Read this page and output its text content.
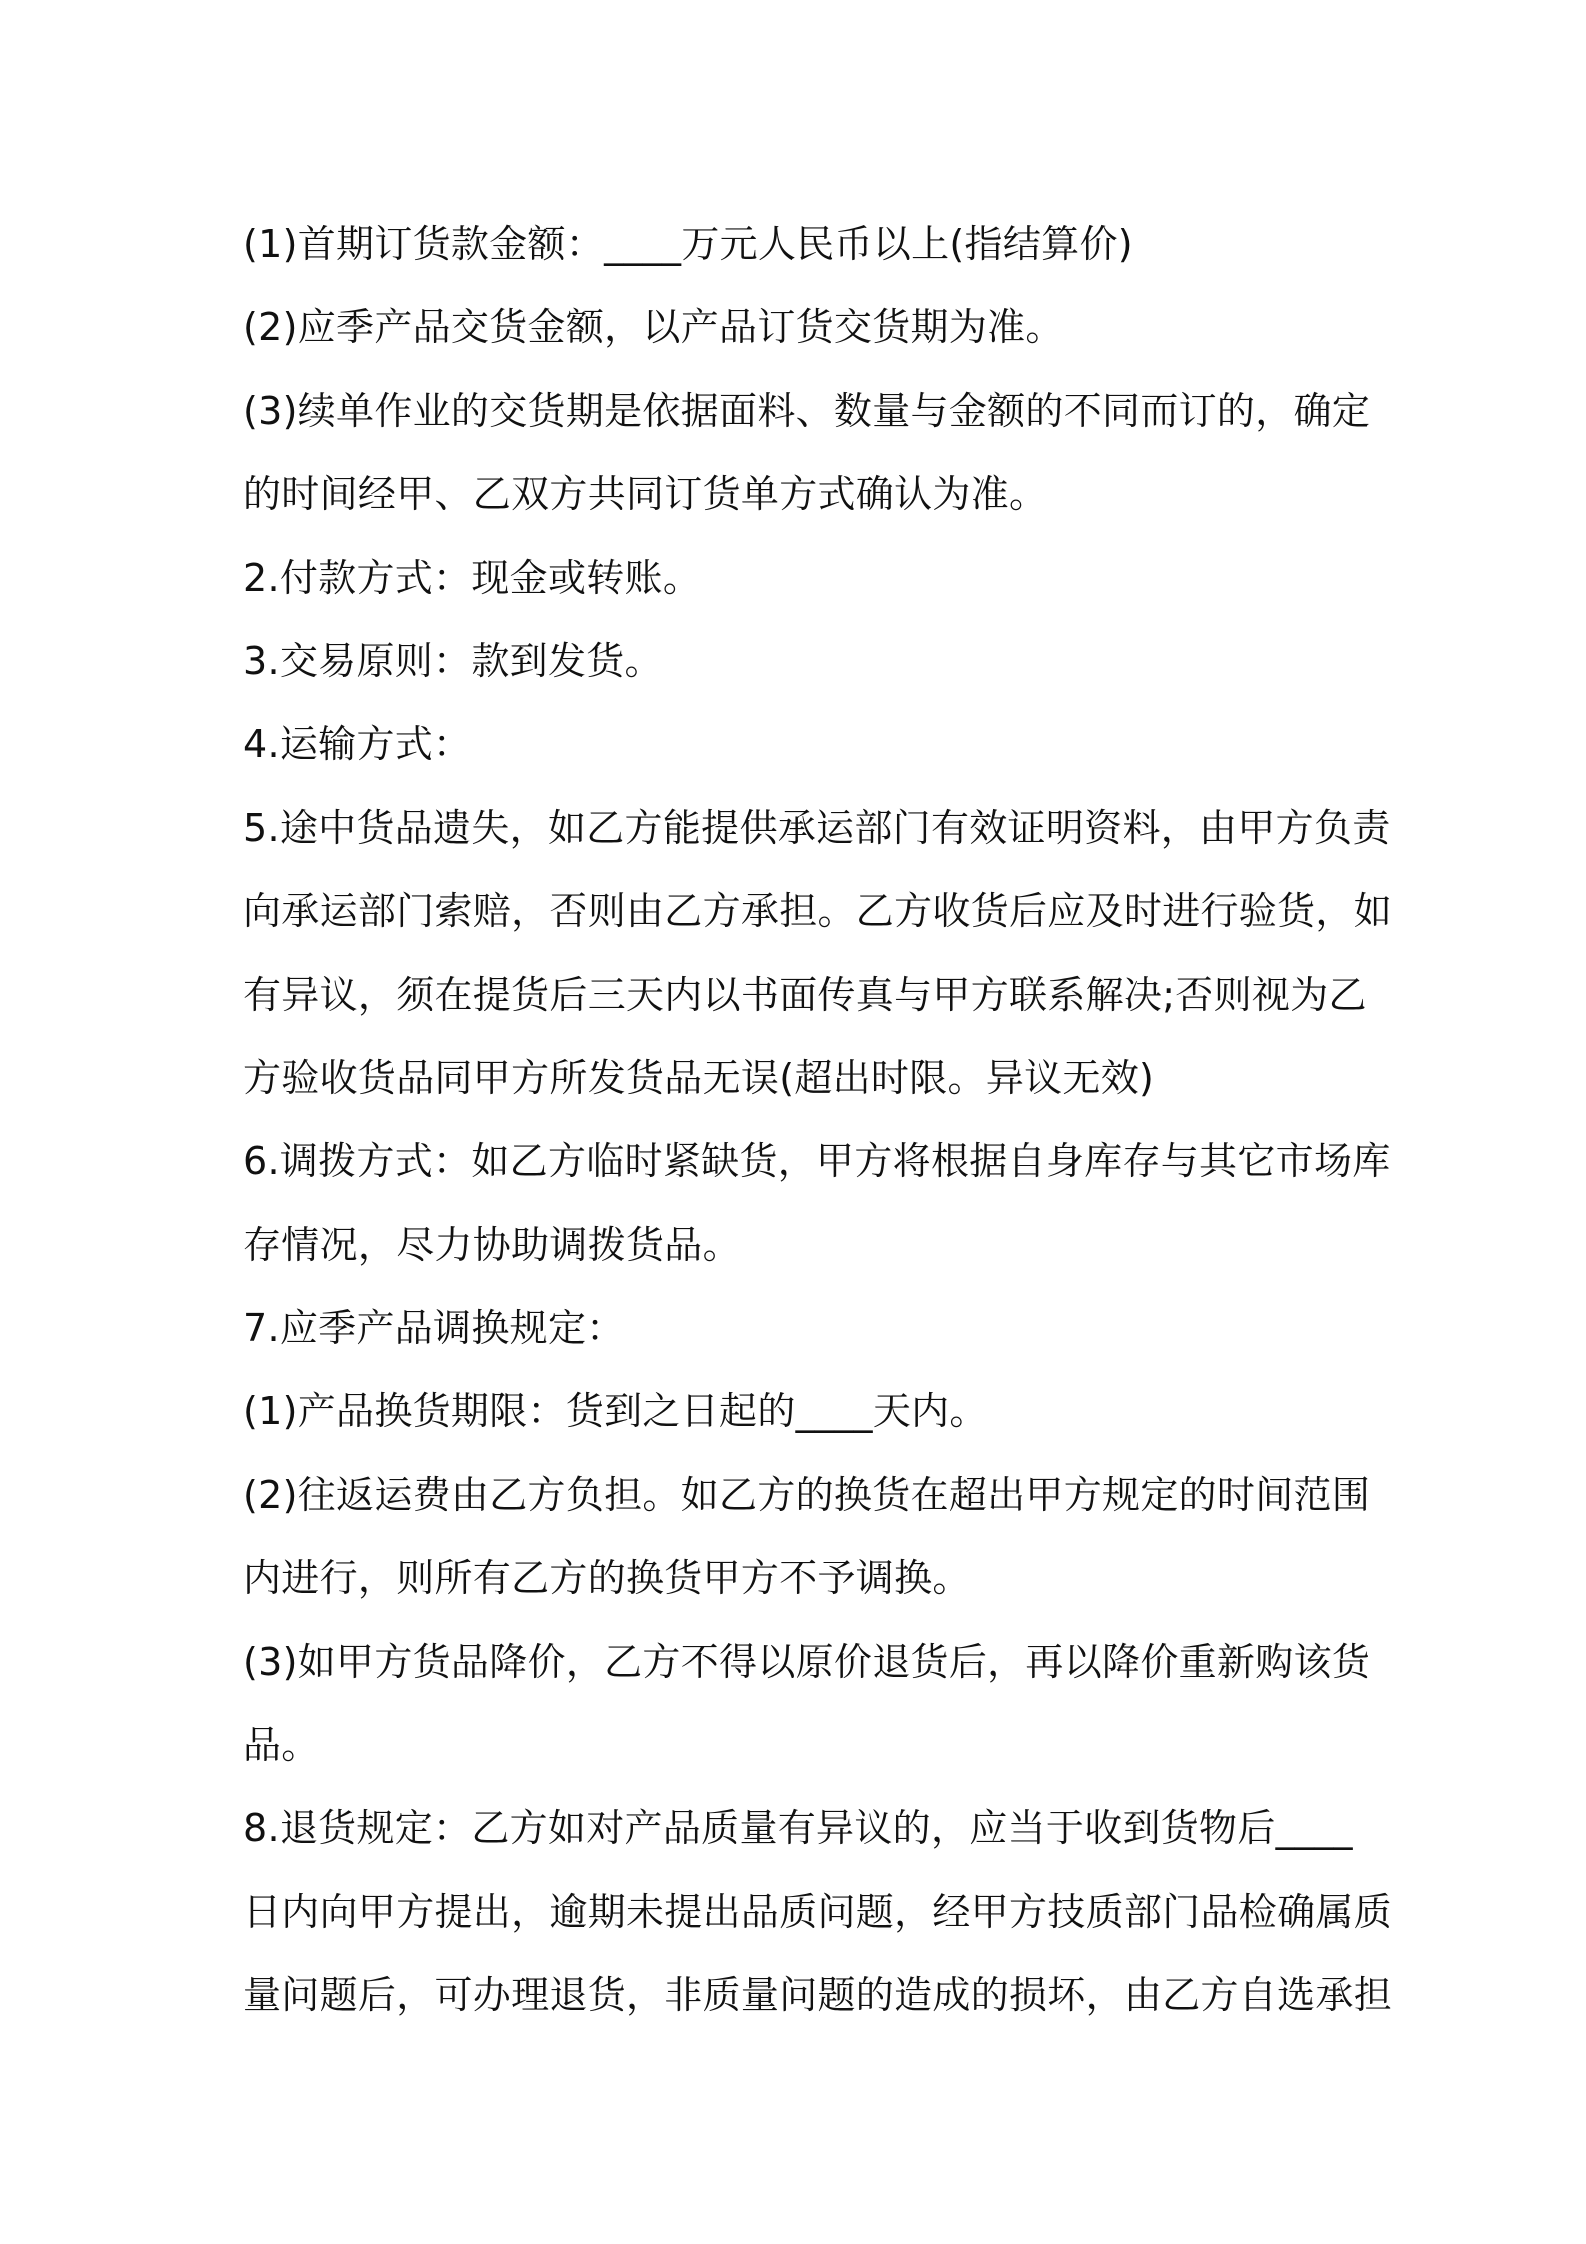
(1)首期订货款金额：____万元人民币以上(指结算价)
(2)应季产品交货金额，以产品订货交货期为准。
(3)续单作业的交货期是依据面料、数量与金额的不同而订的，确定
的时间经甲、乙双方共同订货单方式确认为准。
2.付款方式：现金或转账。
3.交易原则：款到发货。
4.运输方式：
5.途中货品遗失，如乙方能提供承运部门有效证明资料，由甲方负责
向承运部门索赔，否则由乙方承担。乙方收货后应及时进行验货，如
有异议，须在提货后三天内以书面传真与甲方联系解决;否则视为乙
方验收货品同甲方所发货品无误(超出时限。异议无效)
6.调拨方式：如乙方临时紧缺货，甲方将根据自身库存与其它市场库
存情况，尽力协助调拨货品。
7.应季产品调换规定：
(1)产品换货期限：货到之日起的____天内。
(2)往返运费由乙方负担。如乙方的换货在超出甲方规定的时间范围
内进行，则所有乙方的换货甲方不予调换。
(3)如甲方货品降价，乙方不得以原价退货后，再以降价重新购该货
品。
8.退货规定：乙方如对产品质量有异议的，应当于收到货物后____
日内向甲方提出，逾期未提出品质问题，经甲方技质部门品检确属质
量问题后，可办理退货，非质量问题的造成的损坏，由乙方自选承担
